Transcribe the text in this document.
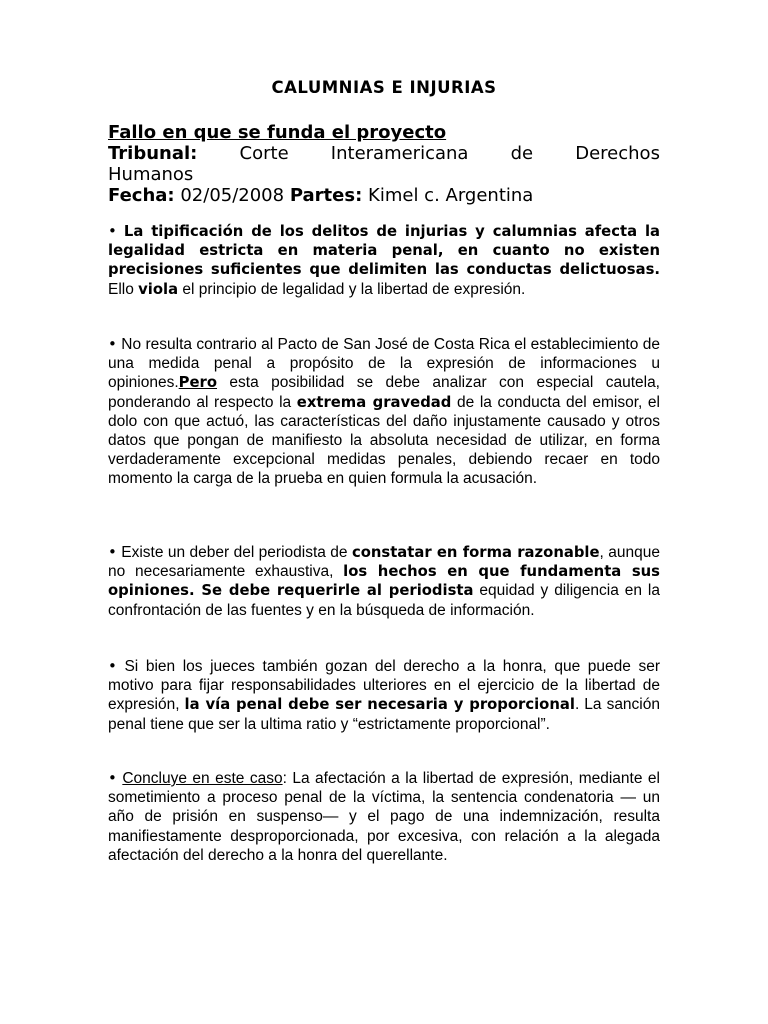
CALUMNIAS E INJURIAS
Fallo en que se funda el proyecto
Tribunal: Corte Interamericana de Derechos
Humanos
Fecha: 02/05/2008 Partes: Kimel c. Argentina
• La tipificación de los delitos de injurias y calumnias afecta la legalidad estricta en materia penal, en cuanto no existen precisiones suficientes que delimiten las conductas delictuosas. Ello viola el principio de legalidad y la libertad de expresión.
• No resulta contrario al Pacto de San José de Costa Rica el establecimiento de una medida penal a propósito de la expresión de informaciones u opiniones.Pero esta posibilidad se debe analizar con especial cautela, ponderando al respecto la extrema gravedad de la conducta del emisor, el dolo con que actuó, las características del daño injustamente causado y otros datos que pongan de manifiesto la absoluta necesidad de utilizar, en forma verdaderamente excepcional medidas penales, debiendo recaer en todo momento la carga de la prueba en quien formula la acusación.
• Existe un deber del periodista de constatar en forma razonable, aunque no necesariamente exhaustiva, los hechos en que fundamenta sus opiniones. Se debe requerirle al periodista equidad y diligencia en la confrontación de las fuentes y en la búsqueda de información.
• Si bien los jueces también gozan del derecho a la honra, que puede ser motivo para fijar responsabilidades ulteriores en el ejercicio de la libertad de expresión, la vía penal debe ser necesaria y proporcional. La sanción penal tiene que ser la ultima ratio y “estrictamente proporcional”.
• Concluye en este caso: La afectación a la libertad de expresión, mediante el sometimiento a proceso penal de la víctima, la sentencia condenatoria — un año de prisión en suspenso— y el pago de una indemnización, resulta manifiestamente desproporcionada, por excesiva, con relación a la alegada afectación del derecho a la honra del querellante.
